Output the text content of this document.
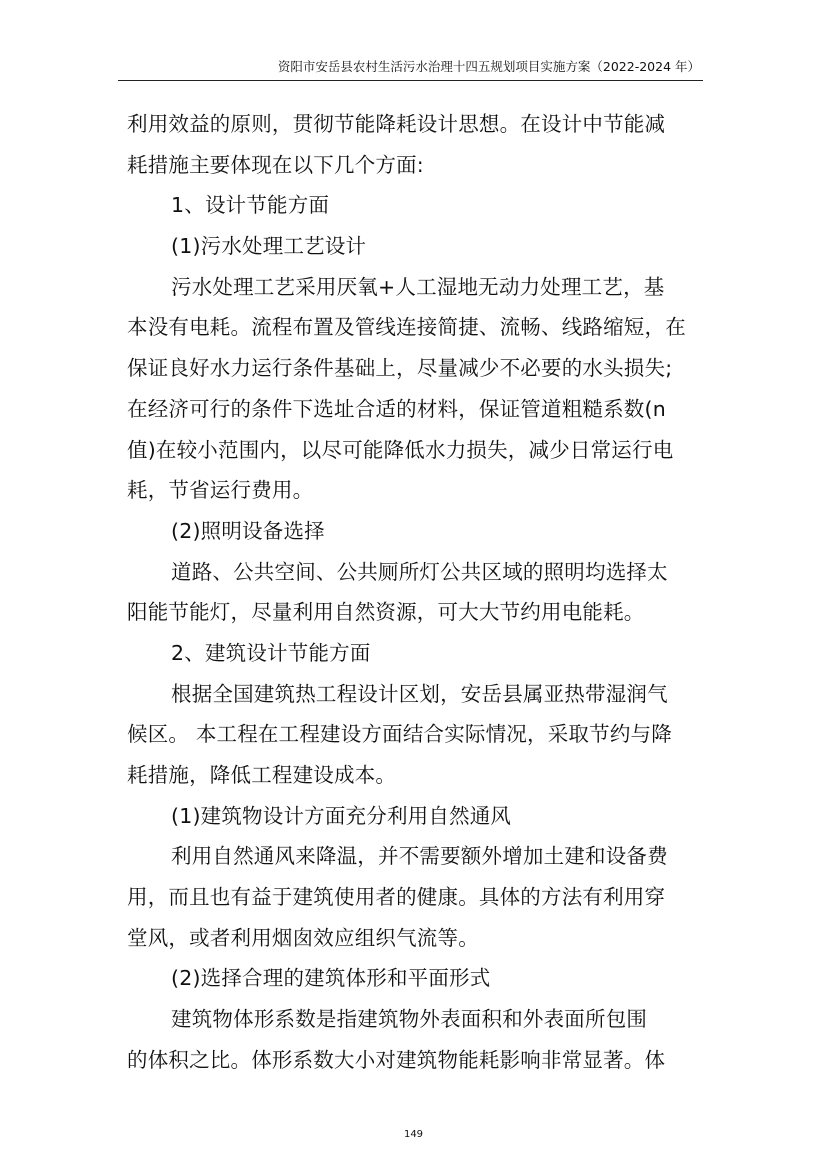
资阳市安岳县农村生活污水治理十四五规划项目实施方案（2022-2024 年）
利用效益的原则，贯彻节能降耗设计思想。在设计中节能减
耗措施主要体现在以下几个方面:
1、设计节能方面
(1)污水处理工艺设计
污水处理工艺采用厌氧+人工湿地无动力处理工艺，基
本没有电耗。流程布置及管线连接简捷、流畅、线路缩短，在
保证良好水力运行条件基础上，尽量减少不必要的水头损失;
在经济可行的条件下选址合适的材料，保证管道粗糙系数(n
值)在较小范围内，以尽可能降低水力损失，减少日常运行电
耗，节省运行费用。
(2)照明设备选择
道路、公共空间、公共厕所灯公共区域的照明均选择太
阳能节能灯，尽量利用自然资源，可大大节约用电能耗。
2、建筑设计节能方面
根据全国建筑热工程设计区划，安岳县属亚热带湿润气
候区。 本工程在工程建设方面结合实际情况，采取节约与降
耗措施，降低工程建设成本。
(1)建筑物设计方面充分利用自然通风
利用自然通风来降温，并不需要额外增加土建和设备费
用，而且也有益于建筑使用者的健康。具体的方法有利用穿
堂风，或者利用烟囱效应组织气流等。
(2)选择合理的建筑体形和平面形式
建筑物体形系数是指建筑物外表面积和外表面所包围
的体积之比。体形系数大小对建筑物能耗影响非常显著。体
149
